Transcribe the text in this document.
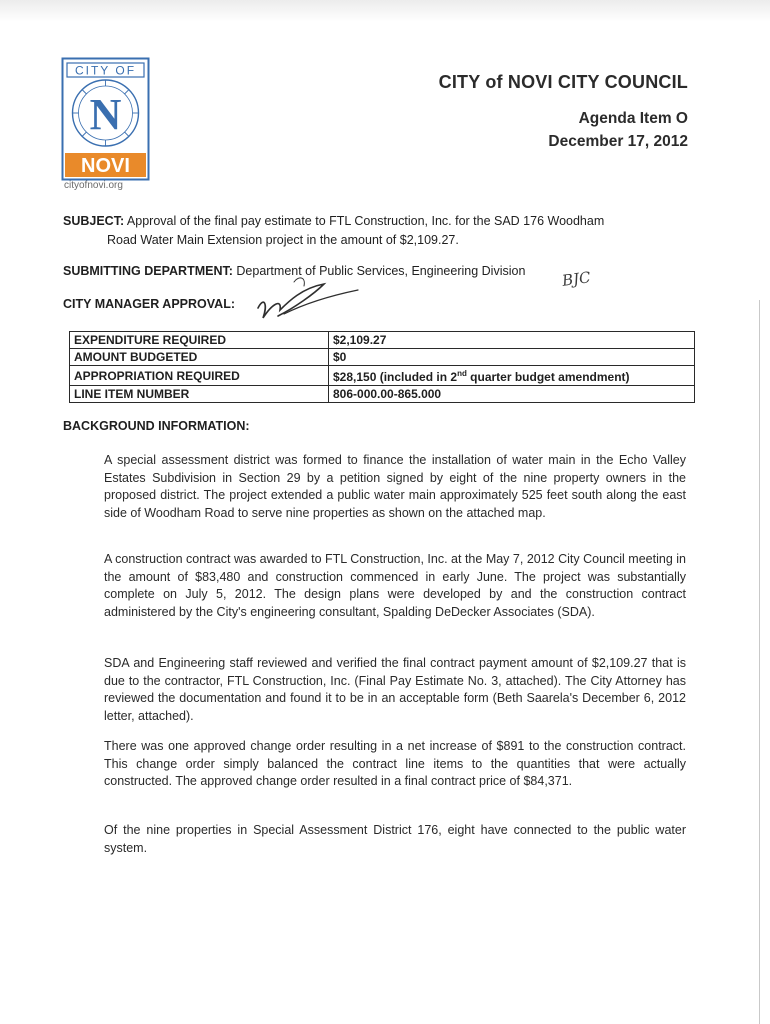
CITY OF
N
NOVI
cityofnovi.org
CITY of NOVI CITY COUNCIL
Agenda Item O
December 17, 2012
SUBJECT: Approval of the final pay estimate to FTL Construction, Inc. for the SAD 176 Woodham
Road Water Main Extension project in the amount of $2,109.27.
SUBMITTING DEPARTMENT: Department of Public Services, Engineering Division BJC
CITY MANAGER APPROVAL:
EXPENDITURE REQUIRED	$2,109.27
AMOUNT BUDGETED	$0
APPROPRIATION REQUIRED	$28,150 (included in 2nd quarter budget amendment)
LINE ITEM NUMBER	806-000.00-865.000
BACKGROUND INFORMATION:

A special assessment district was formed to finance the installation of water main in the Echo Valley Estates Subdivision in Section 29 by a petition signed by eight of the nine property owners in the proposed district. The project extended a public water main approximately 525 feet south along the east side of Woodham Road to serve nine properties as shown on the attached map.

A construction contract was awarded to FTL Construction, Inc. at the May 7, 2012 City Council meeting in the amount of $83,480 and construction commenced in early June. The project was substantially complete on July 5, 2012. The design plans were developed by and the construction contract administered by the City's engineering consultant, Spalding DeDecker Associates (SDA).

SDA and Engineering staff reviewed and verified the final contract payment amount of $2,109.27 that is due to the contractor, FTL Construction, Inc. (Final Pay Estimate No. 3, attached). The City Attorney has reviewed the documentation and found it to be in an acceptable form (Beth Saarela's December 6, 2012 letter, attached).

There was one approved change order resulting in a net increase of $891 to the construction contract. This change order simply balanced the contract line items to the quantities that were actually constructed. The approved change order resulted in a final contract price of $84,371.

Of the nine properties in Special Assessment District 176, eight have connected to the public water system.
